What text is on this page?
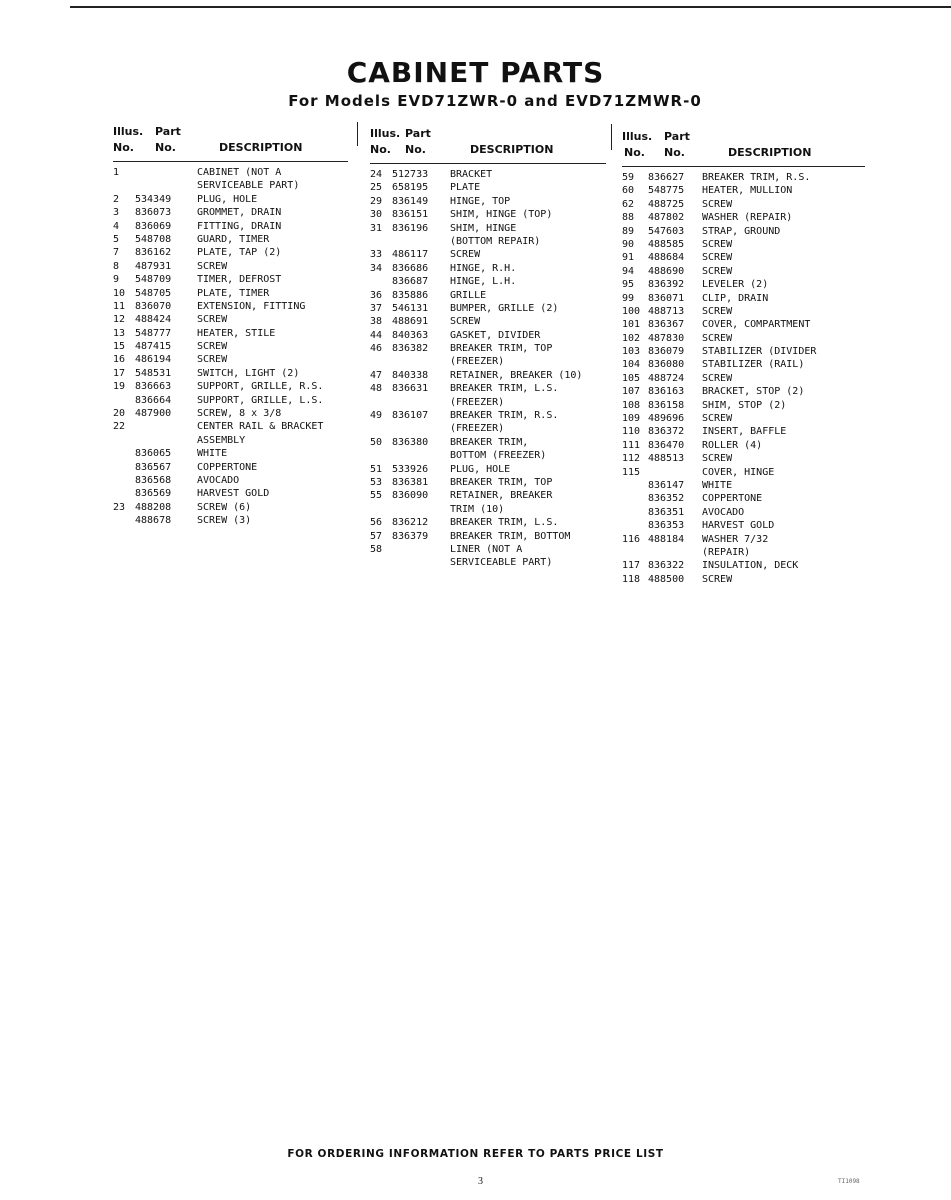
CABINET PARTS
For Models EVD71ZWR-0 and EVD71ZMWR-0
Illus. Part
No. No.	DESCRIPTION
1	CABINET (NOT A
SERVICEABLE PART)
2 534349	PLUG, HOLE
3 836073	GROMMET, DRAIN
4 836069	FITTING, DRAIN
5 548708	GUARD, TIMER
7 836162	PLATE, TAP (2)
8 487931	SCREW
9 548709	TIMER, DEFROST
10 548705	PLATE, TIMER
11 836070	EXTENSION, FITTING
12 488424	SCREW
13 548777	HEATER, STILE
15 487415	SCREW
16 486194	SCREW
17 548531	SWITCH, LIGHT (2)
19 836663	SUPPORT, GRILLE, R.S.
836664	SUPPORT, GRILLE, L.S.
20 487900	SCREW, 8 x 3/8
22	CENTER RAIL & BRACKET
ASSEMBLY
836065	WHITE
836567	COPPERTONE
836568	AVOCADO
836569	HARVEST GOLD
23 488208	SCREW (6)
488678	SCREW (3)
Illus. Part
No. No.	DESCRIPTION
24 512733 BRACKET
25 658195 PLATE
29 836149 HINGE, TOP
30 836151 SHIM, HINGE (TOP)
31 836196 SHIM, HINGE
(BOTTOM REPAIR)
33 486117 SCREW
34 836686 HINGE, R.H.
836687 HINGE, L.H.
36 835886 GRILLE
37 546131 BUMPER, GRILLE (2)
38 488691 SCREW
44 840363 GASKET, DIVIDER
46 836382 BREAKER TRIM, TOP
(FREEZER)
47 840338 RETAINER, BREAKER (10)
48 836631 BREAKER TRIM, L.S.
(FREEZER)
49 836107 BREAKER TRIM, R.S.
(FREEZER)
50 836380 BREAKER TRIM,
BOTTOM (FREEZER)
51 533926 PLUG, HOLE
53 836381 BREAKER TRIM, TOP
55 836090 RETAINER, BREAKER
TRIM (10)
56 836212 BREAKER TRIM, L.S.
57 836379 BREAKER TRIM, BOTTOM
58	LINER (NOT A
SERVICEABLE PART)
Illus. Part
No. No.	DESCRIPTION
59 836627 BREAKER TRIM, R.S.
60 548775 HEATER, MULLION
62 488725 SCREW
88 487802 WASHER (REPAIR)
89 547603 STRAP, GROUND
90 488585 SCREW
91 488684 SCREW
94 488690 SCREW
95 836392 LEVELER (2)
99 836071 CLIP, DRAIN
100 488713 SCREW
101 836367 COVER, COMPARTMENT
102 487830 SCREW
103 836079 STABILIZER (DIVIDER
104 836080 STABILIZER (RAIL)
105 488724 SCREW
107 836163 BRACKET, STOP (2)
108 836158 SHIM, STOP (2)
109 489696 SCREW
110 836372 INSERT, BAFFLE
111 836470 ROLLER (4)
112 488513 SCREW
115	COVER, HINGE
836147 WHITE
836352 COPPERTONE
836351 AVOCADO
836353 HARVEST GOLD
116 488184 WASHER 7/32
(REPAIR)
117 836322 INSULATION, DECK
118 488500 SCREW
FOR ORDERING INFORMATION REFER TO PARTS PRICE LIST
3	TI1098
